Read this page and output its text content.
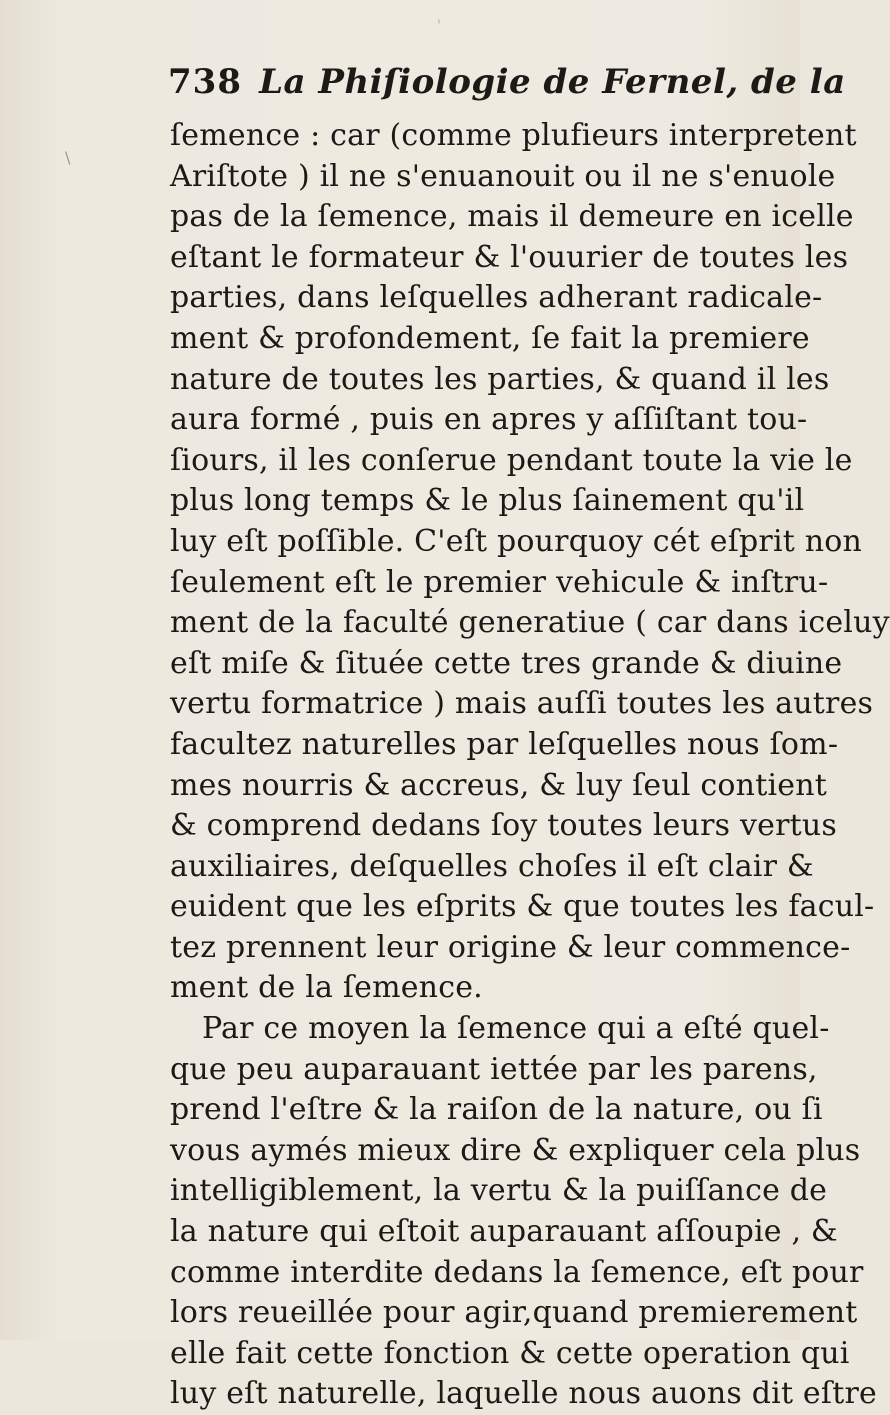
'
\
738 La Phiſiologie de Fernel, de la
ſemence : car (comme plufieurs interpretent
Ariſtote ) il ne s'enuanouit ou il ne s'enuole
pas de la ſemence, mais il demeure en icelle
eſtant le formateur & l'ouurier de toutes les
parties, dans leſquelles adherant radicale-
ment & profondement, ſe fait la premiere
nature de toutes les parties, & quand il les
aura formé , puis en apres y aſſiſtant tou-
ſiours, il les conſerue pendant toute la vie le
plus long temps & le plus ſainement qu'il
luy eſt poſſible. C'eſt pourquoy cét eſprit non
ſeulement eſt le premier vehicule & inſtru-
ment de la faculté generatiue ( car dans iceluy
eſt miſe & ſituée cette tres grande & diuine
vertu formatrice ) mais auſſi toutes les autres
facultez naturelles par leſquelles nous ſom-
mes nourris & accreus, & luy ſeul contient
& comprend dedans ſoy toutes leurs vertus
auxiliaires, deſquelles choſes il eſt clair &
euident que les eſprits & que toutes les facul-
tez prennent leur origine & leur commence-
ment de la ſemence.
Par ce moyen la ſemence qui a eſté quel-
que peu auparauant iettée par les parens,
prend l'eſtre & la raiſon de la nature, ou ſi
vous aymés mieux dire & expliquer cela plus
intelligiblement, la vertu & la puiſſance de
la nature qui eſtoit auparauant aſſoupie , &
comme interdite dedans la ſemence, eſt pour
lors reueillée pour agir,quand premierement
elle fait cette fonction & cette operation qui
luy eſt naturelle, laquelle nous auons dit eſtre
